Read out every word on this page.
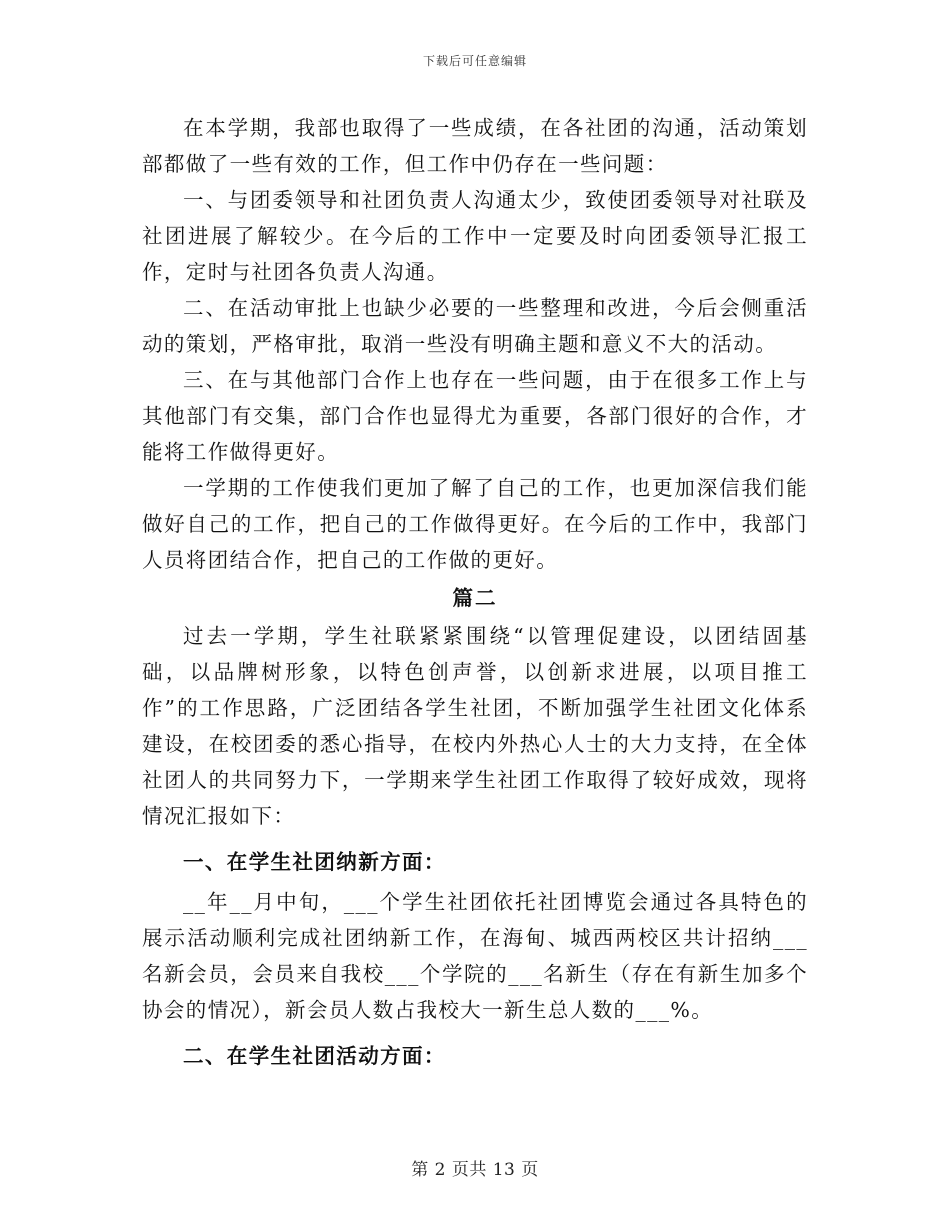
下载后可任意编辑

在本学期，我部也取得了一些成绩，在各社团的沟通，活动策划部都做了一些有效的工作，但工作中仍存在一些问题：

一、与团委领导和社团负责人沟通太少，致使团委领导对社联及社团进展了解较少。在今后的工作中一定要及时向团委领导汇报工作，定时与社团各负责人沟通。

二、在活动审批上也缺少必要的一些整理和改进，今后会侧重活动的策划，严格审批，取消一些没有明确主题和意义不大的活动。

三、在与其他部门合作上也存在一些问题，由于在很多工作上与其他部门有交集，部门合作也显得尤为重要，各部门很好的合作，才能将工作做得更好。

一学期的工作使我们更加了解了自己的工作，也更加深信我们能做好自己的工作，把自己的工作做得更好。在今后的工作中，我部门人员将团结合作，把自己的工作做的更好。

篇二

过去一学期，学生社联紧紧围绕“以管理促建设，以团结固基础，以品牌树形象，以特色创声誉，以创新求进展，以项目推工作”的工作思路，广泛团结各学生社团，不断加强学生社团文化体系建设，在校团委的悉心指导，在校内外热心人士的大力支持，在全体社团人的共同努力下，一学期来学生社团工作取得了较好成效，现将情况汇报如下：

一、在学生社团纳新方面：

__年__月中旬，___个学生社团依托社团博览会通过各具特色的展示活动顺利完成社团纳新工作，在海甸、城西两校区共计招纳___名新会员，会员来自我校___个学院的___名新生（存在有新生加多个协会的情况），新会员人数占我校大一新生总人数的___%。

二、在学生社团活动方面：
第 2 页共 13 页
